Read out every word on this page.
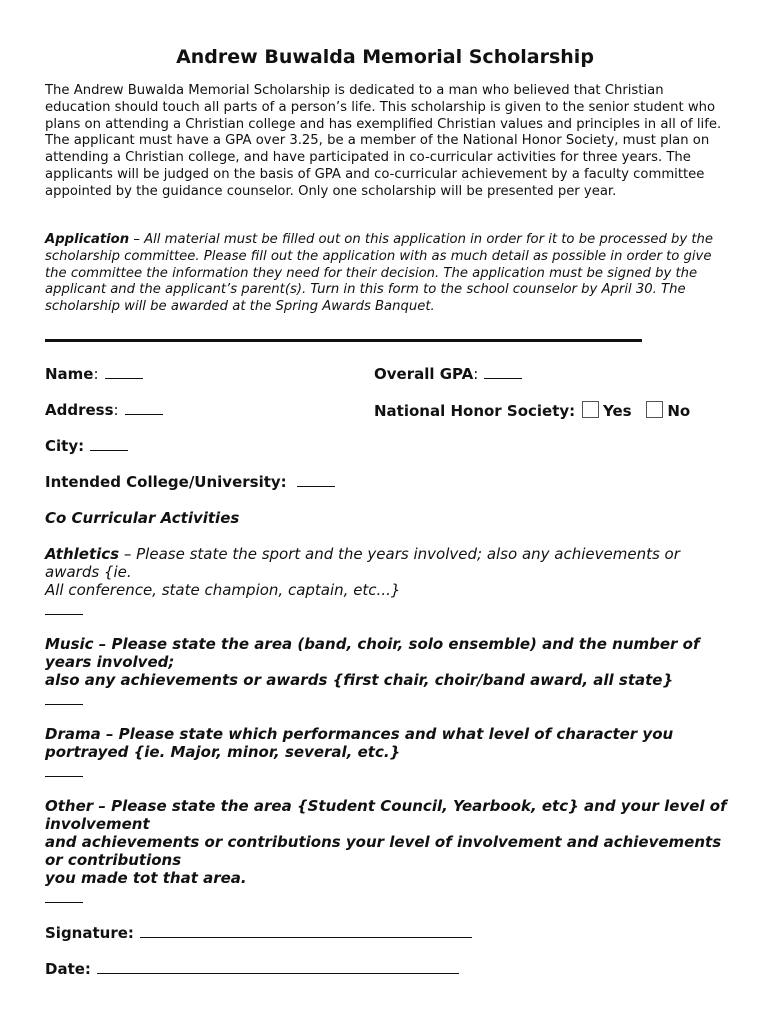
Andrew Buwalda Memorial Scholarship

The Andrew Buwalda Memorial Scholarship is dedicated to a man who believed that Christian education should touch all parts of a person’s life. This scholarship is given to the senior student who plans on attending a Christian college and has exemplified Christian values and principles in all of life. The applicant must have a GPA over 3.25, be a member of the National Honor Society, must plan on attending a Christian college, and have participated in co-curricular activities for three years. The applicants will be judged on the basis of GPA and co-curricular achievement by a faculty committee appointed by the guidance counselor. Only one scholarship will be presented per year.

Application – All material must be filled out on this application in order for it to be processed by the scholarship committee. Please fill out the application with as much detail as possible in order to give the committee the information they need for their decision. The application must be signed by the applicant and the applicant’s parent(s). Turn in this form to the school counselor by April 30. The scholarship will be awarded at the Spring Awards Banquet.

Name:	Overall GPA:
Address:	National Honor Society: Yes No
City:
Intended College/University:
Co Curricular Activities
Athletics – Please state the sport and the years involved; also any achievements or awards {ie.
All conference, state champion, captain, etc...}
Music – Please state the area (band, choir, solo ensemble) and the number of years involved;
also any achievements or awards {first chair, choir/band award, all state}
Drama – Please state which performances and what level of character you portrayed {ie. Major, minor, several, etc.}
Other – Please state the area {Student Council, Yearbook, etc} and your level of involvement
and achievements or contributions your level of involvement and achievements or contributions
you made tot that area.
Signature:
Date:
